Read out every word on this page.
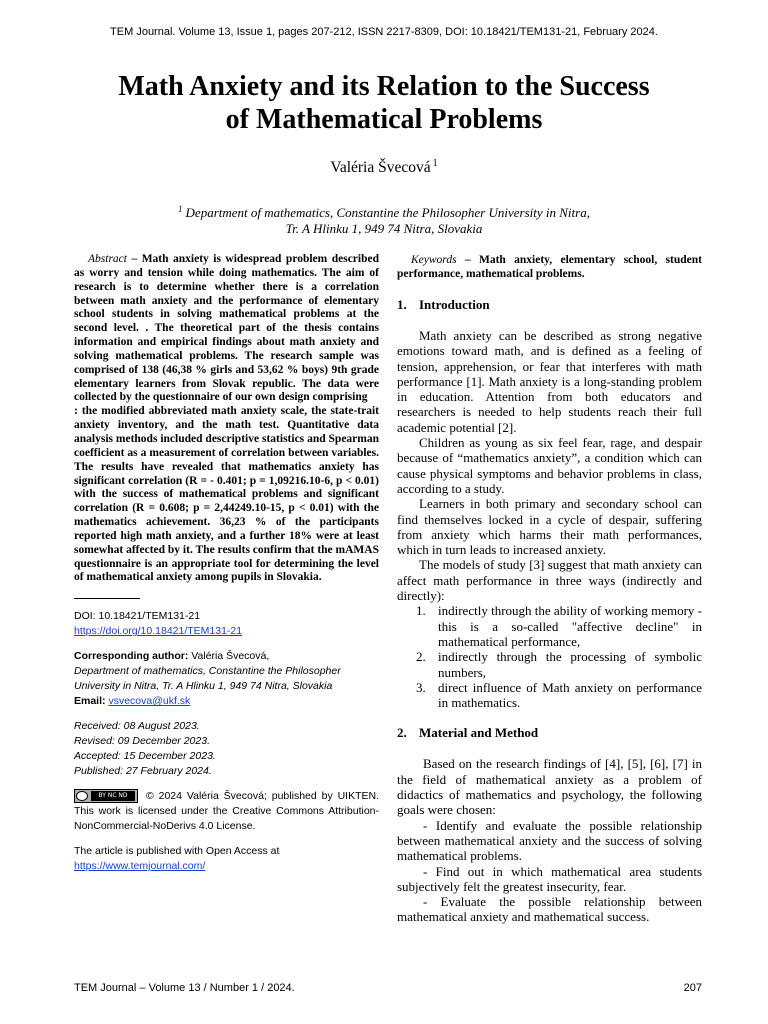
TEM Journal. Volume 13, Issue 1, pages 207-212, ISSN 2217-8309, DOI: 10.18421/TEM131-21, February 2024.
Math Anxiety and its Relation to the Success
of Mathematical Problems
Valéria Švecová $^1$
$^1$ Department of mathematics, Constantine the Philosopher University in Nitra,
Tr. A Hlinku 1, 949 74 Nitra, Slovakia

Abstract – Math anxiety is widespread problem described as worry and tension while doing mathematics. The aim of research is to determine whether there is a correlation between math anxiety and the performance of elementary school students in solving mathematical problems at the second level. . The theoretical part of the thesis contains information and empirical findings about math anxiety and solving mathematical problems. The research sample was comprised of 138 (46,38 % girls and 53,62 % boys) 9th grade elementary learners from Slovak republic. The data were collected by the questionnaire of our own design comprising
: the modified abbreviated math anxiety scale, the state-trait anxiety inventory, and the math test. Quantitative data analysis methods included descriptive statistics and Spearman coefficient as a measurement of correlation between variables. The results have revealed that mathematics anxiety has significant correlation (R = - 0.401; p = 1,09216.10-6, p < 0.01) with the success of mathematical problems and significant correlation (R = 0.608; p = 2,44249.10-15, p < 0.01) with the mathematics achievement. 36,23 % of the participants reported high math anxiety, and a further 18% were at least somewhat affected by it. The results confirm that the mAMAS questionnaire is an appropriate tool for determining the level of mathematical anxiety among pupils in Slovakia.

DOI: 10.18421/TEM131-21

https://doi.org/10.18421/TEM131-21

Corresponding author: Valéria Švecová,

Department of mathematics, Constantine the Philosopher University in Nitra, Tr. A Hlinku 1, 949 74 Nitra, Slovakia

Email: vsvecova@ukf.sk

Received: 08 August 2023.
Revised: 09 December 2023.
Accepted: 15 December 2023.
Published: 27 February 2024.

BY NC ND	© 2024 Valéria Švecová; published by UIKTEN. This work is licensed under the Creative Commons Attribution-NonCommercial-NoDerivs 4.0 License.

The article is published with Open Access at

https://www.temjournal.com/

Keywords – Math anxiety, elementary school, student performance, mathematical problems.

1. Introduction

Math anxiety can be described as strong negative emotions toward math, and is defined as a feeling of tension, apprehension, or fear that interferes with math performance [1]. Math anxiety is a long-standing problem in education. Attention from both educators and researchers is needed to help students reach their full academic potential [2].

Children as young as six feel fear, rage, and despair because of “mathematics anxiety”, a condition which can cause physical symptoms and behavior problems in class, according to a study.

Learners in both primary and secondary school can find themselves locked in a cycle of despair, suffering from anxiety which harms their math performances, which in turn leads to increased anxiety.

The models of study [3] suggest that math anxiety can affect math performance in three ways (indirectly and directly):

1. indirectly through the ability of working memory - this is a so-called "affective decline" in mathematical performance,
2. indirectly through the processing of symbolic numbers,
3. direct influence of Math anxiety on performance in mathematics.
2. Material and Method

Based on the research findings of [4], [5], [6], [7] in the field of mathematical anxiety as a problem of didactics of mathematics and psychology, the following goals were chosen:

- Identify and evaluate the possible relationship between mathematical anxiety and the success of solving mathematical problems.

- Find out in which mathematical area students subjectively felt the greatest insecurity, fear.

- Evaluate the possible relationship between mathematical anxiety and mathematical success.

TEM Journal – Volume 13 / Number 1 / 2024.	207
